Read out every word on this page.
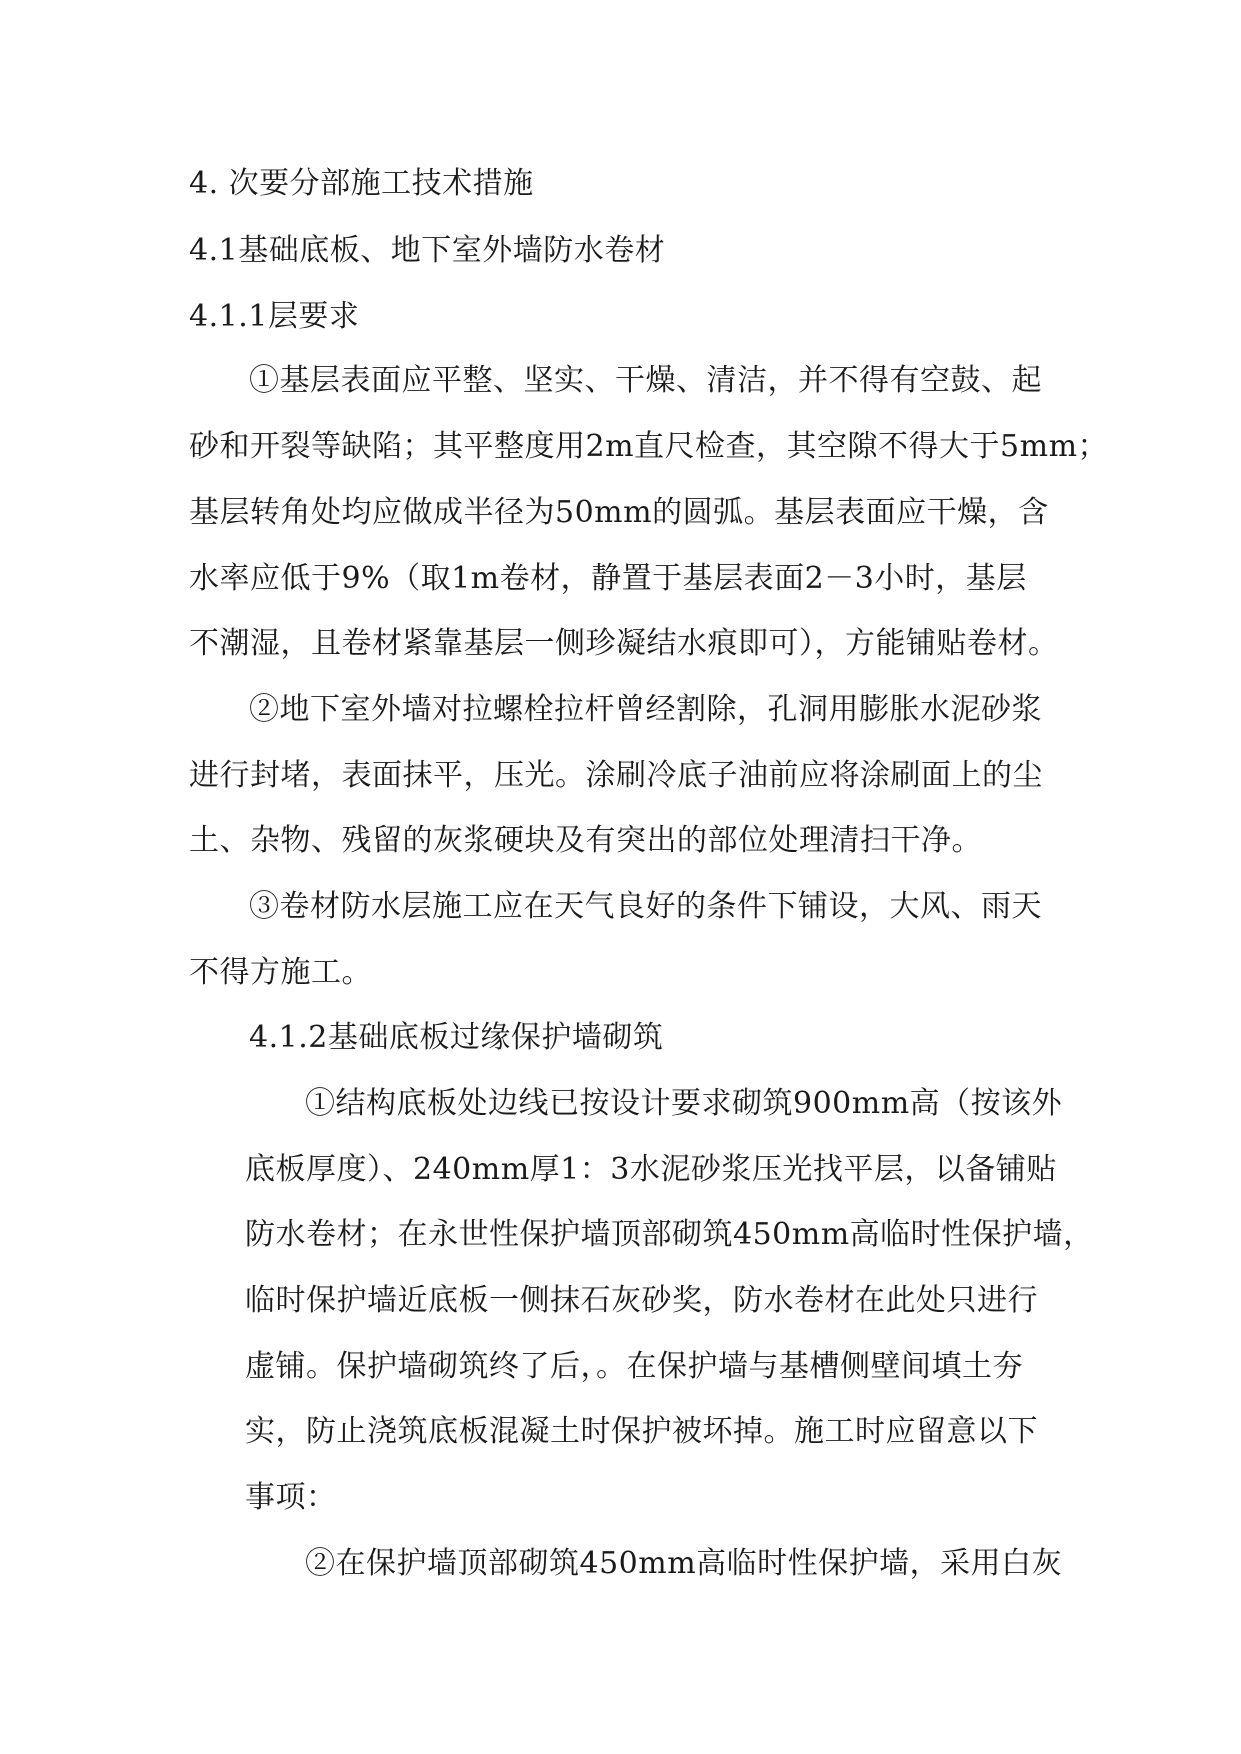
4. 次要分部施工技术措施

4.1基础底板、地下室外墙防水卷材

4.1.1层要求

①基层表面应平整、坚实、干燥、清洁，并不得有空鼓、起

砂和开裂等缺陷；其平整度用2m直尺检查，其空隙不得大于5mm；

基层转角处均应做成半径为50mm的圆弧。基层表面应干燥，含

水率应低于9%（取1m卷材，静置于基层表面2－3小时，基层

不潮湿，且卷材紧靠基层一侧珍凝结水痕即可），方能铺贴卷材。

②地下室外墙对拉螺栓拉杆曾经割除，孔洞用膨胀水泥砂浆

进行封堵，表面抹平，压光。涂刷冷底子油前应将涂刷面上的尘

土、杂物、残留的灰浆硬块及有突出的部位处理清扫干净。

③卷材防水层施工应在天气良好的条件下铺设，大风、雨天

不得方施工。

4.1.2基础底板过缘保护墙砌筑

①结构底板处边线已按设计要求砌筑900mm高（按该外

底板厚度）、240mm厚1：3水泥砂浆压光找平层，以备铺贴

防水卷材；在永世性保护墙顶部砌筑450mm高临时性保护墙，

临时保护墙近底板一侧抹石灰砂奖，防水卷材在此处只进行

虚铺。保护墙砌筑终了后，。在保护墙与基槽侧壁间填土夯

实，防止浇筑底板混凝土时保护被坏掉。施工时应留意以下

事项：

②在保护墙顶部砌筑450mm高临时性保护墙，采用白灰
